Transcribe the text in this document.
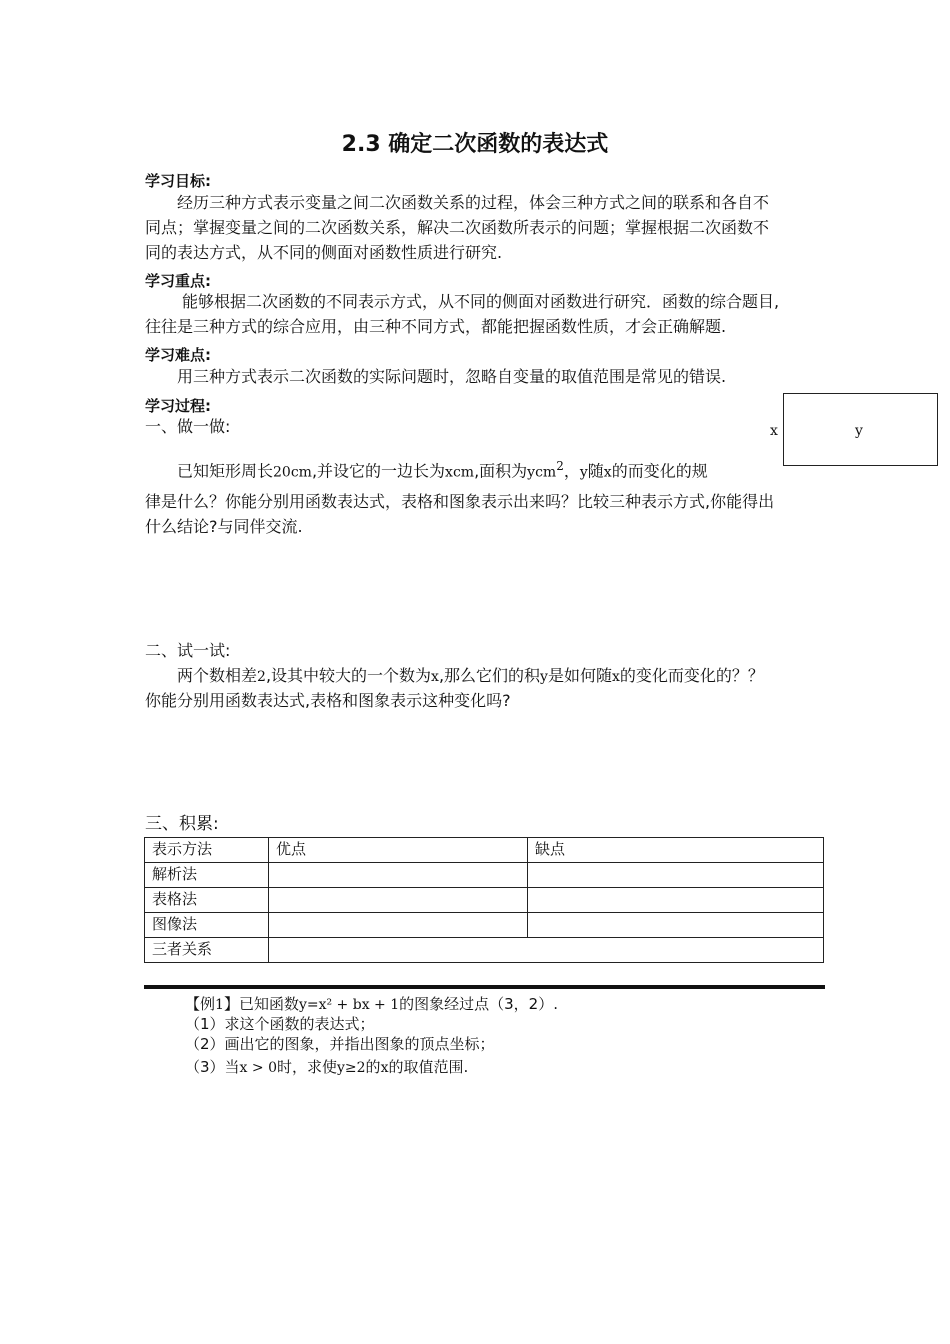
2.3 确定二次函数的表达式
学习目标:
经历三种方式表示变量之间二次函数关系的过程，体会三种方式之间的联系和各自不
同点；掌握变量之间的二次函数关系，解决二次函数所表示的问题；掌握根据二次函数不
同的表达方式，从不同的侧面对函数性质进行研究.
学习重点:
能够根据二次函数的不同表示方式，从不同的侧面对函数进行研究．函数的综合题目,
往往是三种方式的综合应用，由三种不同方式，都能把握函数性质，才会正确解题.
学习难点:
用三种方式表示二次函数的实际问题时，忽略自变量的取值范围是常见的错误.
学习过程:
一、做一做:	x	y
已知矩形周长20cm,并设它的一边长为xcm,面积为ycm$^2$，y随x的而变化的规
律是什么？你能分别用函数表达式，表格和图象表示出来吗？比较三种表示方式,你能得出
什么结论?与同伴交流.
二、试一试:
两个数相差2,设其中较大的一个数为x,那么它们的积y是如何随x的变化而变化的？？
你能分别用函数表达式,表格和图象表示这种变化吗?
三、积累:
表示方法	优点	缺点
解析法		
表格法		
图像法		
三者关系		
【例1】已知函数y=x² + bx + 1的图象经过点（3，2）.
（1）求这个函数的表达式；
（2）画出它的图象，并指出图象的顶点坐标；
（3）当x > 0时，求使y≥2的x的取值范围.
